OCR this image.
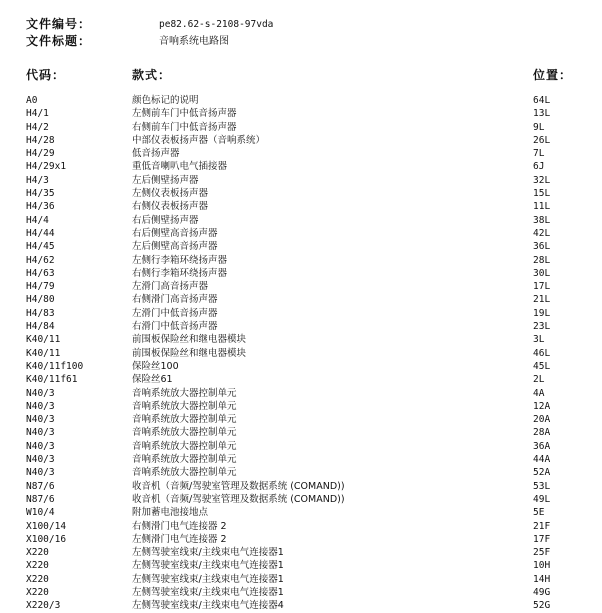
文件编号：	pe82.62-s-2108-97vda
文件标题：	音响系统电路图
代码：	款式：	位置：
A0	颜色标记的说明	64L
H4/1	左侧前车门中低音扬声器	13L
H4/2	右侧前车门中低音扬声器	9L
H4/28	中部仪表板扬声器（音响系统）	26L
H4/29	低音扬声器	7L
H4/29x1	重低音喇叭电气插接器	6J
H4/3	左后侧壁扬声器	32L
H4/35	左侧仪表板扬声器	15L
H4/36	右侧仪表板扬声器	11L
H4/4	右后侧壁扬声器	38L
H4/44	右后侧壁高音扬声器	42L
H4/45	左后侧壁高音扬声器	36L
H4/62	左侧行李箱环绕扬声器	28L
H4/63	右侧行李箱环绕扬声器	30L
H4/79	左滑门高音扬声器	17L
H4/80	右侧滑门高音扬声器	21L
H4/83	左滑门中低音扬声器	19L
H4/84	右滑门中低音扬声器	23L
K40/11	前围板保险丝和继电器模块	3L
K40/11	前围板保险丝和继电器模块	46L
K40/11f100	保险丝100	45L
K40/11f61	保险丝61	2L
N40/3	音响系统放大器控制单元	4A
N40/3	音响系统放大器控制单元	12A
N40/3	音响系统放大器控制单元	20A
N40/3	音响系统放大器控制单元	28A
N40/3	音响系统放大器控制单元	36A
N40/3	音响系统放大器控制单元	44A
N40/3	音响系统放大器控制单元	52A
N87/6	收音机（音频/驾驶室管理及数据系统 (COMAND))	53L
N87/6	收音机（音频/驾驶室管理及数据系统 (COMAND))	49L
W10/4	附加蓄电池接地点	5E
X100/14	右侧滑门电气连接器 2	21F
X100/16	左侧滑门电气连接器 2	17F
X220	左侧驾驶室线束/主线束电气连接器1	25F
X220	左侧驾驶室线束/主线束电气连接器1	10H
X220	左侧驾驶室线束/主线束电气连接器1	14H
X220	左侧驾驶室线束/主线束电气连接器1	49G
X220/3	左侧驾驶室线束/主线束电气连接器4	52G
